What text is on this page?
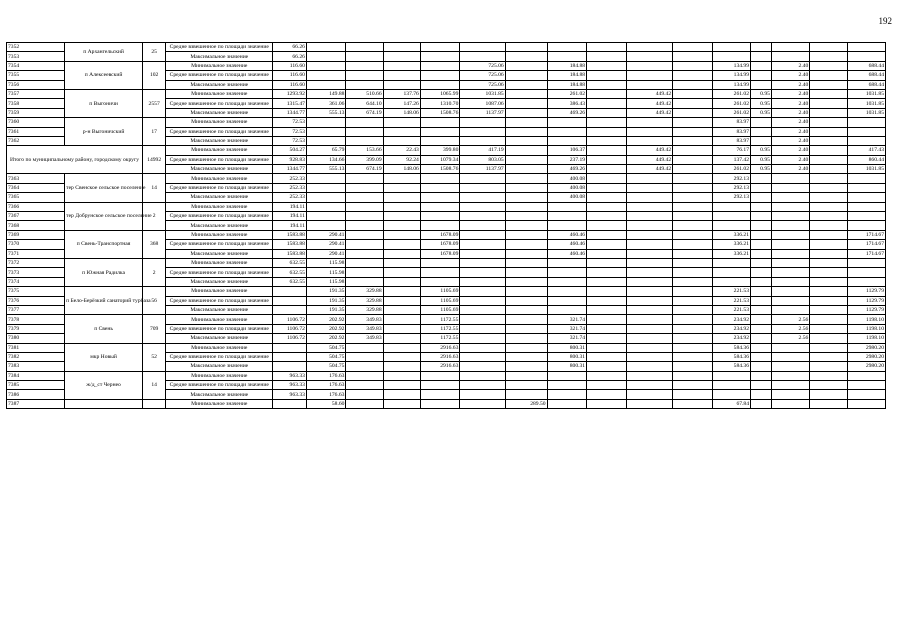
192
7352	п Архангельский	25	Средне взвешенное по площади значение	66.26															
7353			Максимальное значение	66.26															
7354	п Алексеевский	102	Минимальное значение	116.60					725.06		184.88				134.99		2.40		688.44
7355			Средне взвешенное по площади значение	116.60					725.06		184.88				134.99		2.40		688.44
7356			Максимальное значение	116.60					725.06		184.88				134.99		2.40		688.44
7357	п Выгоничи	2557	Минимальное значение	1293.92	149.88	510.66	137.76	1065.99	1031.85		261.02		449.42		261.02	0.95	2.40		1031.85
7358			Средне взвешенное по площади значение	1315.47	361.06	644.10	147.26	1310.70	1087.06		386.43		449.42		261.02	0.95	2.40		1031.85
7359			Максимальное значение	1344.77	555.13	674.19	148.06	1508.76	1137.97		469.26		449.42		261.02	0.95	2.40		1031.85
7360	р-н Выгоничский	17	Минимальное значение	72.53											83.97		2.40		
7361			Средне взвешенное по площади значение	72.53											83.97		2.40		
7362			Максимальное значение	72.53											83.97		2.40		
Итого по муниципальному району, городскому округу		14992	Минимальное значение	504.27	65.79	153.66	22.43	399.80	417.19		106.37		449.42		76.17	0.95	2.40		417.43
			Средне взвешенное по площади значение	928.83	134.66	399.09	92.24	1079.34	803.05		237.19		449.42		137.42	0.95	2.40		860.44
			Максимальное значение	1344.77	555.13	674.19	148.06	1508.76	1137.97		469.26		449.42		261.02	0.95	2.40		1031.85
7363	тер Свенское сельское поселение	14	Минимальное значение	252.33							400.08				292.13				
7364			Средне взвешенное по площади значение	252.33							400.08				292.13				
7365			Максимальное значение	252.33							400.08				292.13				
7366	тер Добрунское сельское поселение	2	Минимальное значение	194.11															
7367			Средне взвешенное по площади значение	194.11															
7368			Максимальное значение	194.11															
7369	п Свень-Транспортная	368	Минимальное значение	1583.88	290.41			1678.09			460.46				336.21				1714.67
7370			Средне взвешенное по площади значение	1583.88	290.41			1678.09			460.46				336.21				1714.67
7371			Максимальное значение	1583.88	290.41			1678.09			460.46				336.21				1714.67
7372	п Южная Радилка	2	Минимальное значение	632.55	115.98														
7373			Средне взвешенное по площади значение	632.55	115.98														
7374			Максимальное значение	632.55	115.98														
7375	п Бело-Берёзкий санаторий турбаза	56	Минимальное значение		191.35	329.88		1105.69							221.53				1129.79
7376			Средне взвешенное по площади значение		191.35	329.88		1105.69							221.53				1129.79
7377			Максимальное значение		191.35	329.88		1105.69							221.53				1129.79
7378	п Свень	709	Минимальное значение	1106.72	202.92	349.83		1172.55			321.74				234.92		2.56		1198.10
7379			Средне взвешенное по площади значение	1106.72	202.92	349.83		1172.55			321.74				234.92		2.56		1198.10
7380			Максимальное значение	1106.72	202.92	349.83		1172.55			321.74				234.92		2.56		1198.10
7381	мкр Новый	52	Минимальное значение		504.75			2916.63			800.31				584.36				2980.20
7382			Средне взвешенное по площади значение		504.75			2916.63			800.31				584.36				2980.20
7383			Максимальное значение		504.75			2916.63			800.31				584.36				2980.20
7384	ж/д_ст Чернео	14	Минимальное значение	963.33	176.63														
7385			Средне взвешенное по площади значение	963.33	176.63														
7386			Максимальное значение	963.33	176.63														
7387			Минимальное значение		58.60					289.50					67.84				
